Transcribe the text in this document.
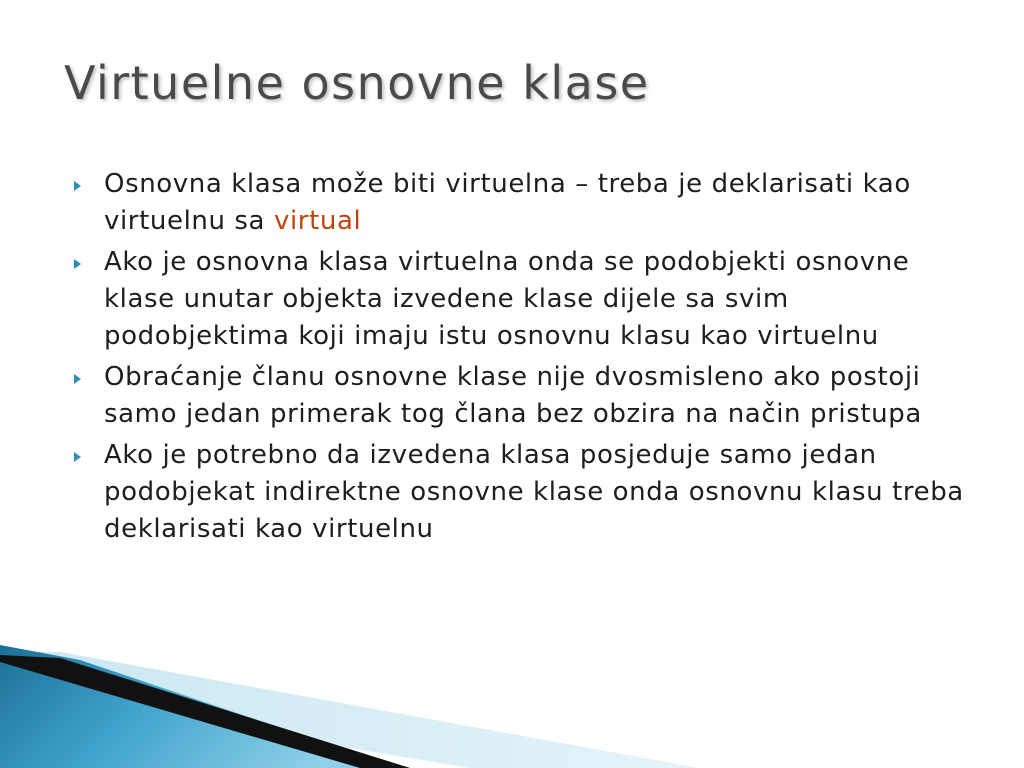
Virtuelne osnovne klase
Osnovna klasa može biti virtuelna – treba je deklarisati kao virtuelnu sa virtual
Ako je osnovna klasa virtuelna onda se podobjekti osnovne klase unutar objekta izvedene klase dijele sa svim podobjektima koji imaju istu osnovnu klasu kao virtuelnu
Obraćanje članu osnovne klase nije dvosmisleno ako postoji samo jedan primerak tog člana bez obzira na način pristupa
Ako je potrebno da izvedena klasa posjeduje samo jedan podobjekat indirektne osnovne klase onda osnovnu klasu treba deklarisati kao virtuelnu
